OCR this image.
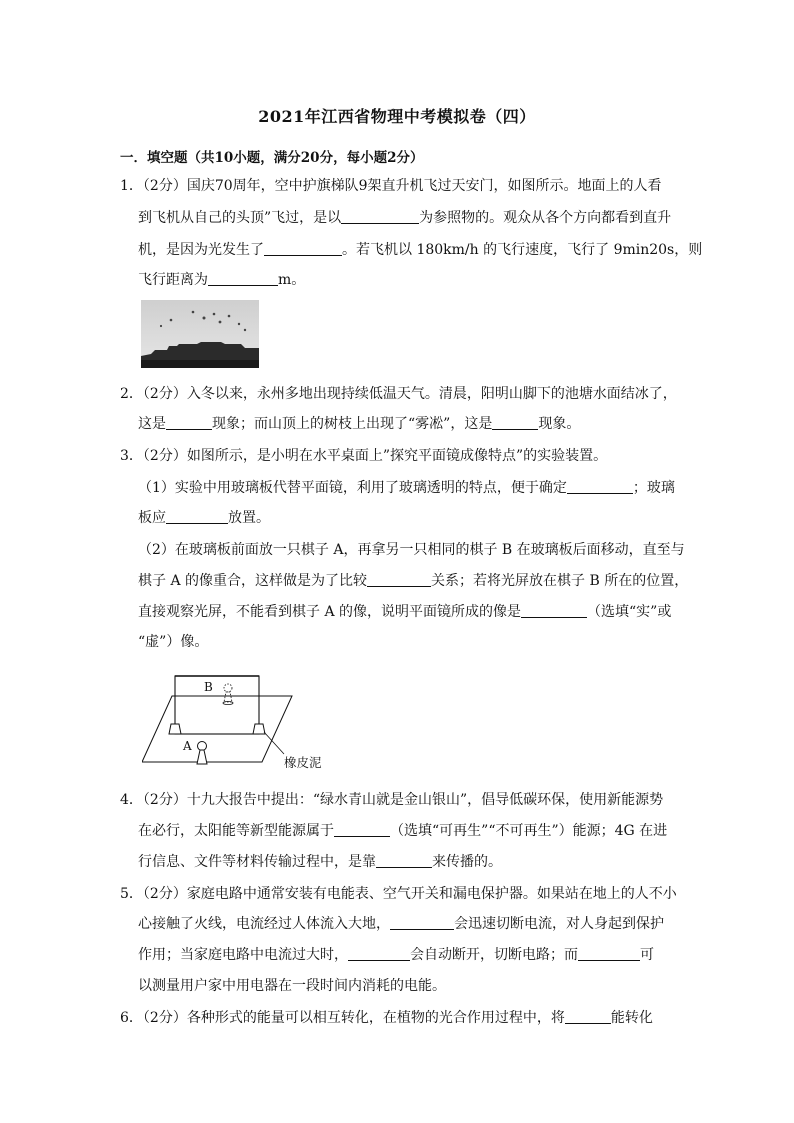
2021年江西省物理中考模拟卷（四）
一．填空题（共10小题，满分20分，每小题2分）
1．（2分）国庆70周年，空中护旗梯队9架直升机飞过天安门，如图所示。地面上的人看
到飞机从自己的头顶”飞过，是以	为参照物的。观众从各个方向都看到直升
机，是因为光发生了	。若飞机以 180km/h 的飞行速度，飞行了 9min20s，则
飞行距离为	m。
2．（2分）入冬以来，永州多地出现持续低温天气。清晨，阳明山脚下的池塘水面结冰了，
这是	现象；而山顶上的树枝上出现了“雾凇”，这是	现象。
3．（2分）如图所示，是小明在水平桌面上”探究平面镜成像特点”的实验装置。
（1）实验中用玻璃板代替平面镜，利用了玻璃透明的特点，便于确定	；玻璃
板应	放置。
（2）在玻璃板前面放一只棋子 A，再拿另一只相同的棋子 B 在玻璃板后面移动，直至与
棋子 A 的像重合，这样做是为了比较	关系；若将光屏放在棋子 B 所在的位置，
直接观察光屏，不能看到棋子 A 的像，说明平面镜所成的像是	（选填“实”或
“虚”）像。
B
A
橡皮泥
4．（2分）十九大报告中提出：“绿水青山就是金山银山”，倡导低碳环保，使用新能源势
在必行，太阳能等新型能源属于	（选填“可再生”“不可再生”）能源；4G 在进
行信息、文件等材料传输过程中，是靠	来传播的。
5．（2分）家庭电路中通常安装有电能表、空气开关和漏电保护器。如果站在地上的人不小
心接触了火线，电流经过人体流入大地，	会迅速切断电流，对人身起到保护
作用；当家庭电路中电流过大时，	会自动断开，切断电路；而	可
以测量用户家中用电器在一段时间内消耗的电能。
6．（2分）各种形式的能量可以相互转化，在植物的光合作用过程中，将	能转化
